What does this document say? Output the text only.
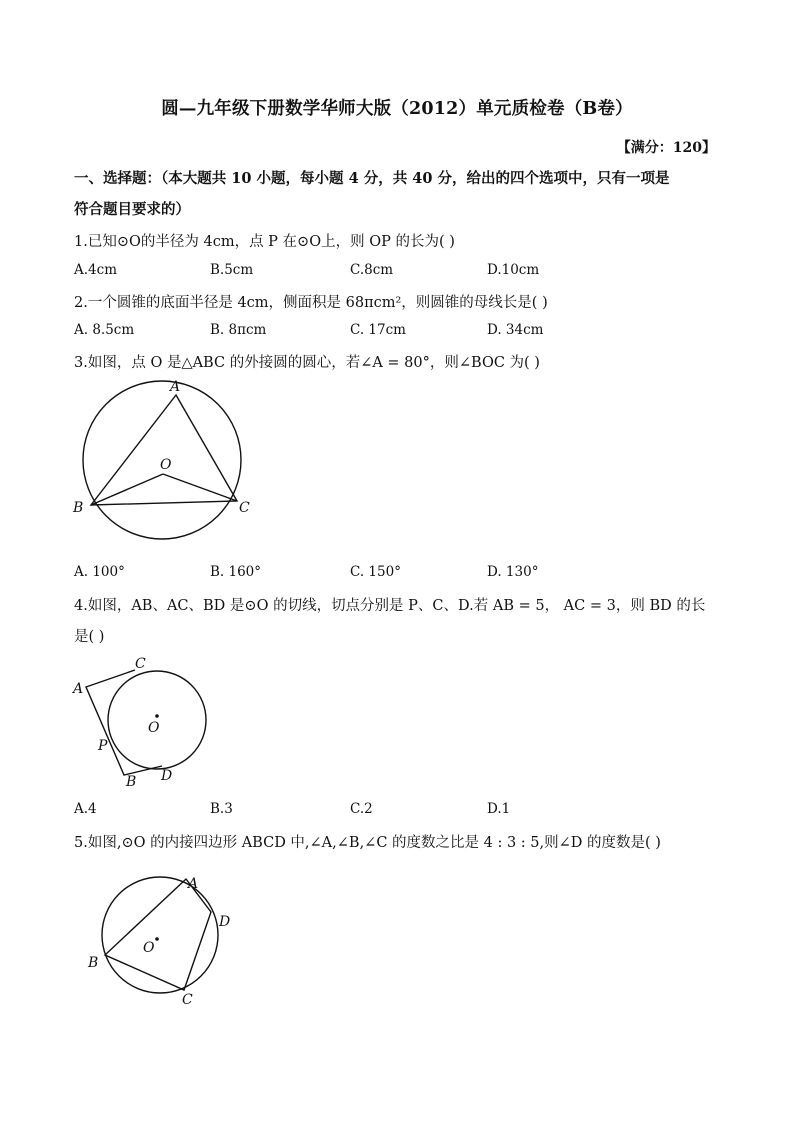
圆—九年级下册数学华师大版（2012）单元质检卷（B卷）
【满分：120】
一、选择题：（本大题共 10 小题，每小题 4 分，共 40 分，给出的四个选项中，只有一项是
符合题目要求的）
1.已知⊙O的半径为 4cm，点 P 在⊙O上，则 OP 的长为( )
A.4cm	B.5cm	C.8cm	D.10cm
2.一个圆锥的底面半径是 4cm，侧面积是 68πcm²，则圆锥的母线长是( )
A. 8.5cm	B. 8πcm	C. 17cm	D. 34cm
3.如图，点 O 是△ABC 的外接圆的圆心，若∠A = 80°，则∠BOC 为( )
A
O
B	C
A. 100°	B. 160°	C. 150°	D. 130°
4.如图，AB、AC、BD 是⊙O 的切线，切点分别是 P、C、D.若 AB = 5， AC = 3，则 BD 的长
是( )
C
A
O
P
B D
A.4	B.3	C.2	D.1
5.如图,⊙O 的内接四边形 ABCD 中,∠A,∠B,∠C 的度数之比是 4 : 3 : 5,则∠D 的度数是( )
A
D
O
B
C
